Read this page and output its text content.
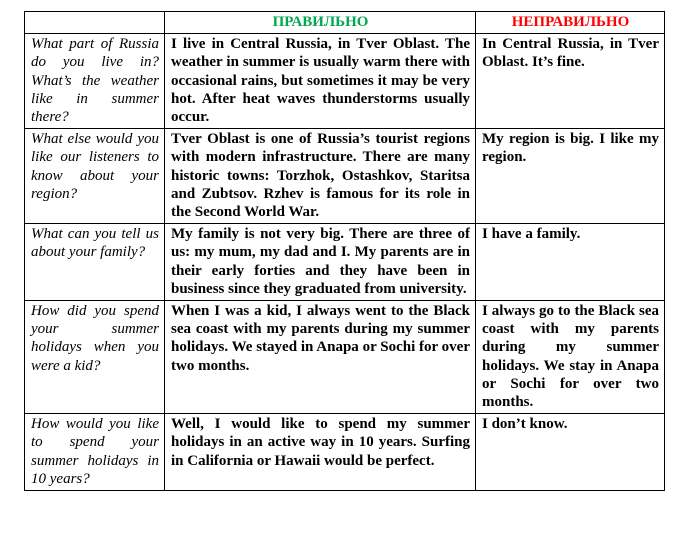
	ПРАВИЛЬНО	НЕПРАВИЛЬНО
What part of Russia do you live in? What’s the weather like in summer there?	I live in Central Russia, in Tver Oblast. The weather in summer is usually warm there with occasional rains, but sometimes it may be very hot. After heat waves thunderstorms usually occur.	In Central Russia, in Tver Oblast. It’s fine.
What else would you like our listeners to know about your region?	Tver Oblast is one of Russia’s tourist regions with modern infrastructure. There are many historic towns: Torzhok, Ostashkov, Staritsa and Zubtsov. Rzhev is famous for its role in the Second World War.	My region is big. I like my region.
What can you tell us about your family?	My family is not very big. There are three of us: my mum, my dad and I. My parents are in their early forties and they have been in business since they graduated from university.	I have a family.
How did you spend your summer holidays when you were a kid?	When I was a kid, I always went to the Black sea coast with my parents during my summer holidays. We stayed in Anapa or Sochi for over two months.	I always go to the Black sea coast with my parents during my summer holidays. We stay in Anapa or Sochi for over two months.
How would you like to spend your summer holidays in 10 years?	Well, I would like to spend my summer holidays in an active way in 10 years. Surfing in California or Hawaii would be perfect.	I don’t know.
